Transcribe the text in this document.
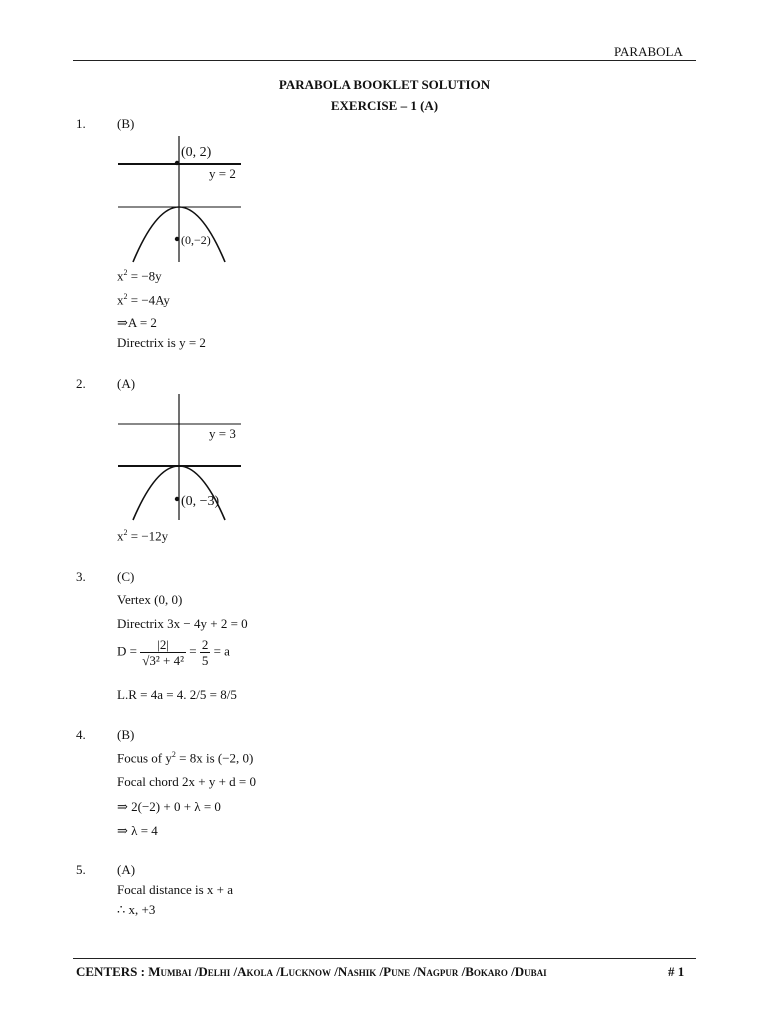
PARABOLA
PARABOLA BOOKLET SOLUTION
EXERCISE – 1 (A)
1. (B)
(0, 2)
y = 2
(0,−2)
$x^2 = -8y$
$x^2 = -4Ay$
⇒A = 2
Directrix is y = 2
2. (A)
y = 3
(0, −3)
$x^2 = -12y$
3. (C)
Vertex (0, 0)
Directrix 3x − 4y + 2 = 0
$D = \frac{|2|}{\text{√3² + 4²}} = \frac{2}{5} = a$
L.R = 4a = 4. 2/5 = 8/5
4. (B)
Focus of $y^2 = 8x$ is (−2, 0)
Focal chord 2x + y + d = 0
⇒ 2(−2) + 0 + λ = 0
⇒ λ = 4
5. (A)
Focal distance is x + a
∴ x, +3
CENTERS : Mumbai /Delhi /Akola /Lucknow /Nashik /Pune /Nagpur /Bokaro /Dubai	# 1
